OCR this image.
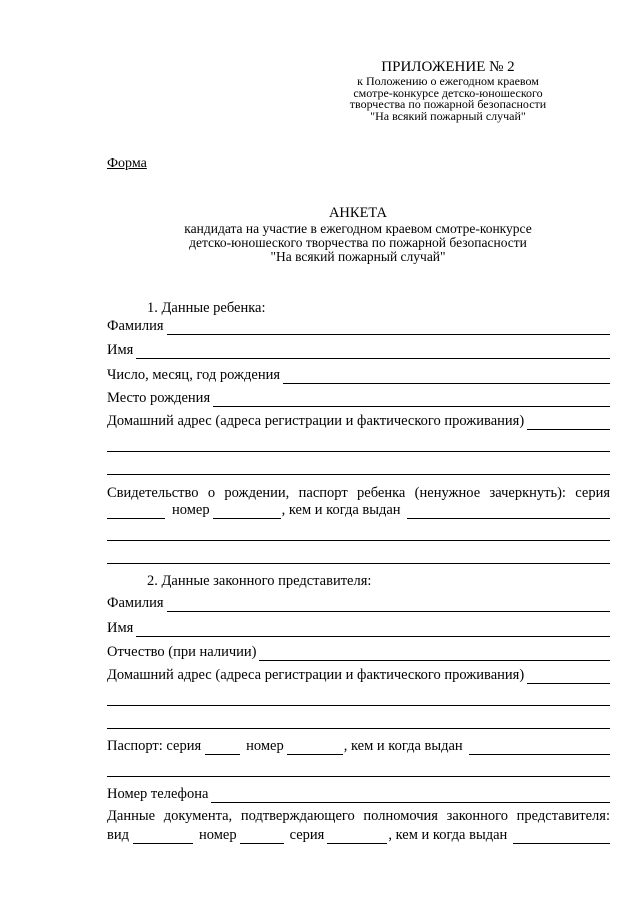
ПРИЛОЖЕНИЕ № 2
к Положению о ежегодном краевом
смотре-конкурсе детско-юношеского
творчества по пожарной безопасности
"На всякий пожарный случай"
Форма
АНКЕТА
кандидата на участие в ежегодном краевом смотре-конкурсе
детско-юношеского творчества по пожарной безопасности
"На всякий пожарный случай"
1. Данные ребенка:
Фамилия
Имя
Число, месяц, год рождения
Место рождения
Домашний адрес (адреса регистрации и фактического проживания)
Свидетельство о рождении, паспорт ребенка (ненужное зачеркнуть): серия
номер	, кем и когда выдан
2. Данные законного представителя:
Фамилия
Имя
Отчество (при наличии)
Домашний адрес (адреса регистрации и фактического проживания)
Паспорт: серия	номер	, кем и когда выдан
Номер телефона
Данные документа, подтверждающего полномочия законного представителя:
вид	номер	серия	, кем и когда выдан
